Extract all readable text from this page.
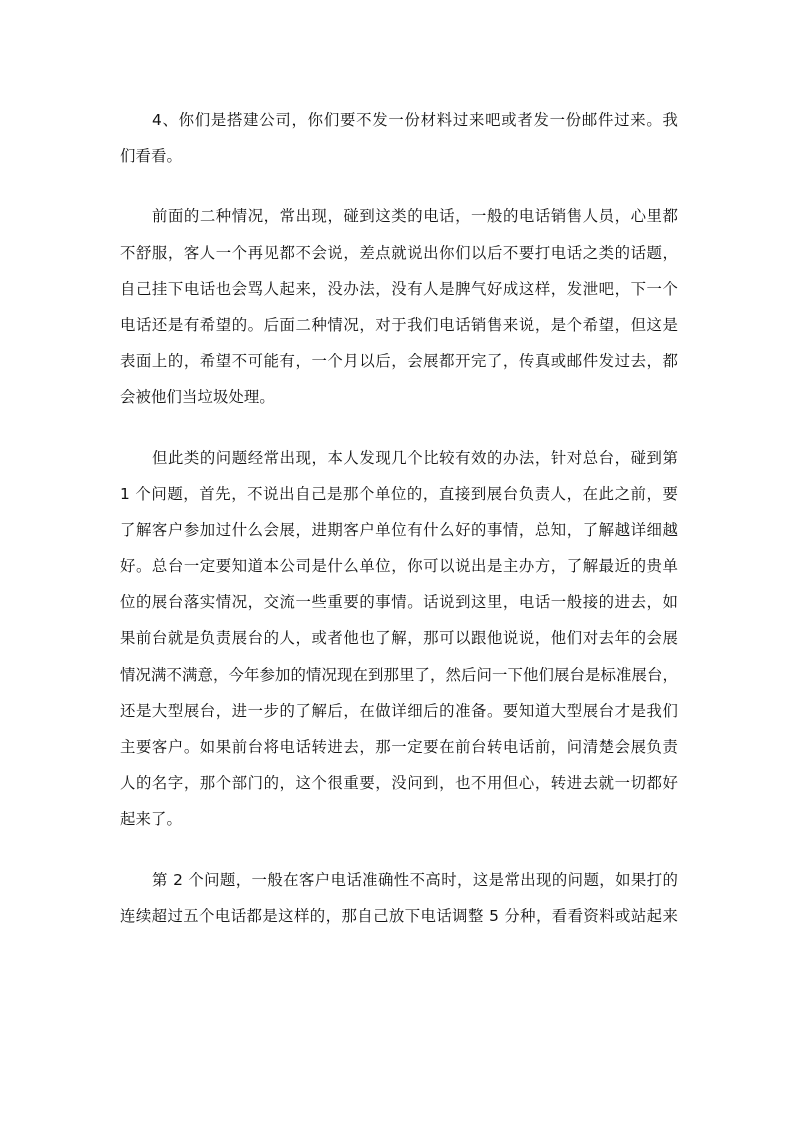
4、你们是搭建公司，你们要不发一份材料过来吧或者发一份邮件过来。我
们看看。

前面的二种情况，常出现，碰到这类的电话，一般的电话销售人员，心里都
不舒服，客人一个再见都不会说，差点就说出你们以后不要打电话之类的话题，
自己挂下电话也会骂人起来，没办法，没有人是脾气好成这样，发泄吧，下一个
电话还是有希望的。后面二种情况，对于我们电话销售来说，是个希望，但这是
表面上的，希望不可能有，一个月以后，会展都开完了，传真或邮件发过去，都
会被他们当垃圾处理。

但此类的问题经常出现，本人发现几个比较有效的办法，针对总台，碰到第
1 个问题，首先，不说出自己是那个单位的，直接到展台负责人，在此之前，要
了解客户参加过什么会展，进期客户单位有什么好的事情，总知，了解越详细越
好。总台一定要知道本公司是什么单位，你可以说出是主办方，了解最近的贵单
位的展台落实情况，交流一些重要的事情。话说到这里，电话一般接的进去，如
果前台就是负责展台的人，或者他也了解，那可以跟他说说，他们对去年的会展
情况满不满意，今年参加的情况现在到那里了，然后问一下他们展台是标准展台，
还是大型展台，进一步的了解后，在做详细后的准备。要知道大型展台才是我们
主要客户。如果前台将电话转进去，那一定要在前台转电话前，问清楚会展负责
人的名字，那个部门的，这个很重要，没问到，也不用但心，转进去就一切都好
起来了。

第 2 个问题，一般在客户电话准确性不高时，这是常出现的问题，如果打的
连续超过五个电话都是这样的，那自己放下电话调整 5 分种，看看资料或站起来
